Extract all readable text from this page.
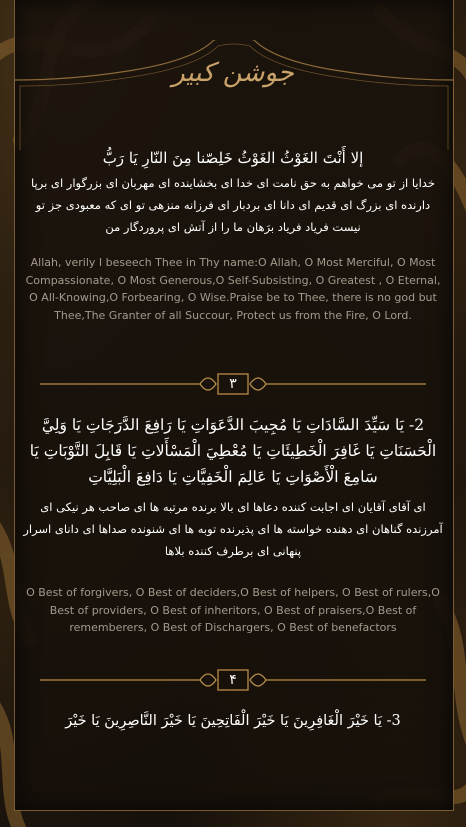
جوشن کبیر
إلا أَنْتَ الغَوْثُ الغَوْثُ خَلِصّنا مِنَ النّارِ يَا رَبُّ
خدایا از تو می خواهم به حق نامت ای خدا ای بخشاینده ای مهربان ای بزرگوار ای برپا دارنده ای بزرگ ای قدیم ای دانا ای بردبار ای فرزانه منزهی تو ای که معبودی جز تو نیست فریاد فریاد برَهان ما را از آتش ای پروردگار من
Allah, verily I beseech Thee in Thy name:O Allah, O Most Merciful, O Most Compassionate, O Most Generous,O Self-Subsisting, O Greatest , O Eternal, O All-Knowing,O Forbearing, O Wise.Praise be to Thee, there is no god but Thee,The Granter of all Succour, Protect us from the Fire, O Lord.
۳
2- يَا سَيِّدَ السَّادَاتِ يَا مُجِيبَ الدَّعَوَاتِ يَا رَافِعَ الدَّرَجَاتِ يَا وَلِيَّ الْحَسَنَاتِ يَا غَافِرَ الْخَطِيئَاتِ يَا مُعْطِيَ الْمَسْأَلاتِ يَا قَابِلَ التَّوْبَاتِ يَا سَامِعَ الْأَصْوَاتِ يَا عَالِمَ الْخَفِيَّاتِ يَا دَافِعَ الْبَلِيَّاتِ
ای آقای آقایان ای اجابت کننده دعاها ای بالا برنده مرتبه ها ای صاحب هر نیکی ای آمرزنده گناهان ای دهنده خواسته ها ای پذیرنده توبه ها ای شنونده صداها ای دانای اسرار پنهانی ای برطرف کننده بلاها
O Best of forgivers, O Best of deciders,O Best of helpers, O Best of rulers,O Best of providers, O Best of inheritors, O Best of praisers,O Best of rememberers, O Best of Dischargers, O Best of benefactors
۴
3- يَا خَيْرَ الْغَافِرِينَ يَا خَيْرَ الْفَاتِحِينَ يَا خَيْرَ النَّاصِرِينَ يَا خَيْرَ
